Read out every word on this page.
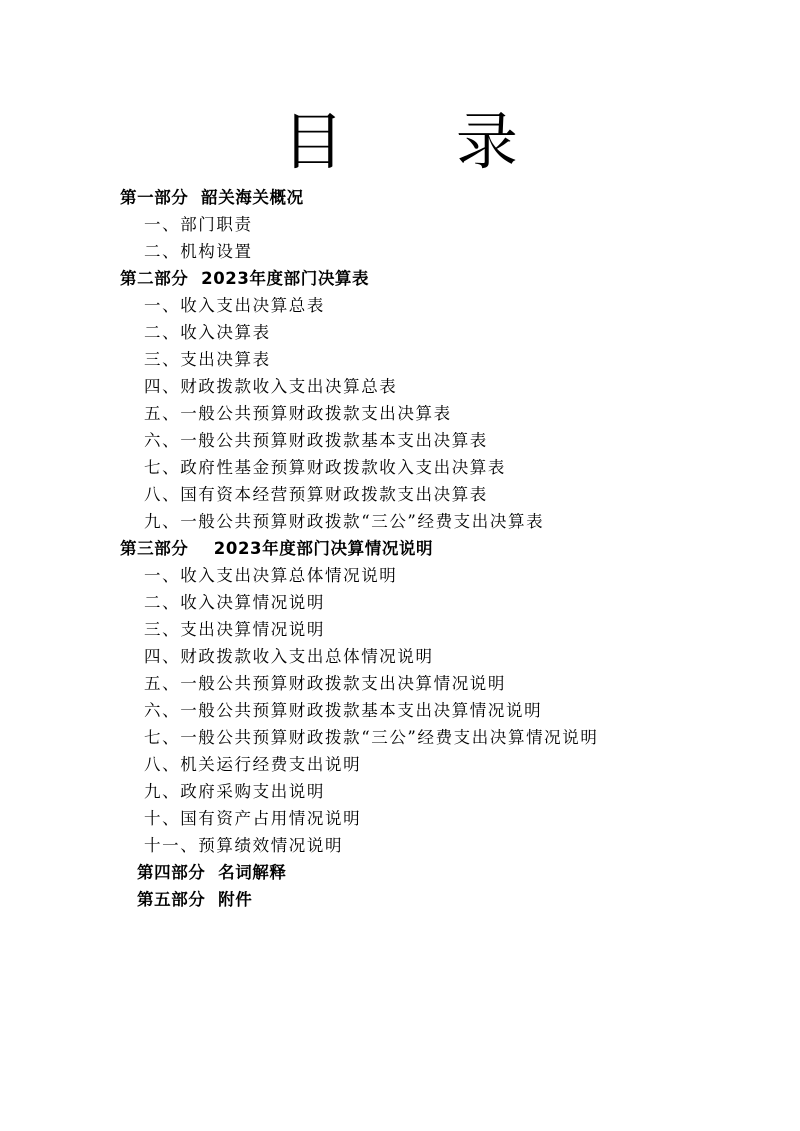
目 录
第一部分 韶关海关概况
一、部门职责
二、机构设置
第二部分 2023年度部门决算表
一、收入支出决算总表
二、收入决算表
三、支出决算表
四、财政拨款收入支出决算总表
五、一般公共预算财政拨款支出决算表
六、一般公共预算财政拨款基本支出决算表
七、政府性基金预算财政拨款收入支出决算表
八、国有资本经营预算财政拨款支出决算表
九、一般公共预算财政拨款“三公”经费支出决算表
第三部分 2023年度部门决算情况说明
一、收入支出决算总体情况说明
二、收入决算情况说明
三、支出决算情况说明
四、财政拨款收入支出总体情况说明
五、一般公共预算财政拨款支出决算情况说明
六、一般公共预算财政拨款基本支出决算情况说明
七、一般公共预算财政拨款“三公”经费支出决算情况说明
八、机关运行经费支出说明
九、政府采购支出说明
十、国有资产占用情况说明
十一、预算绩效情况说明
第四部分 名词解释
第五部分 附件
